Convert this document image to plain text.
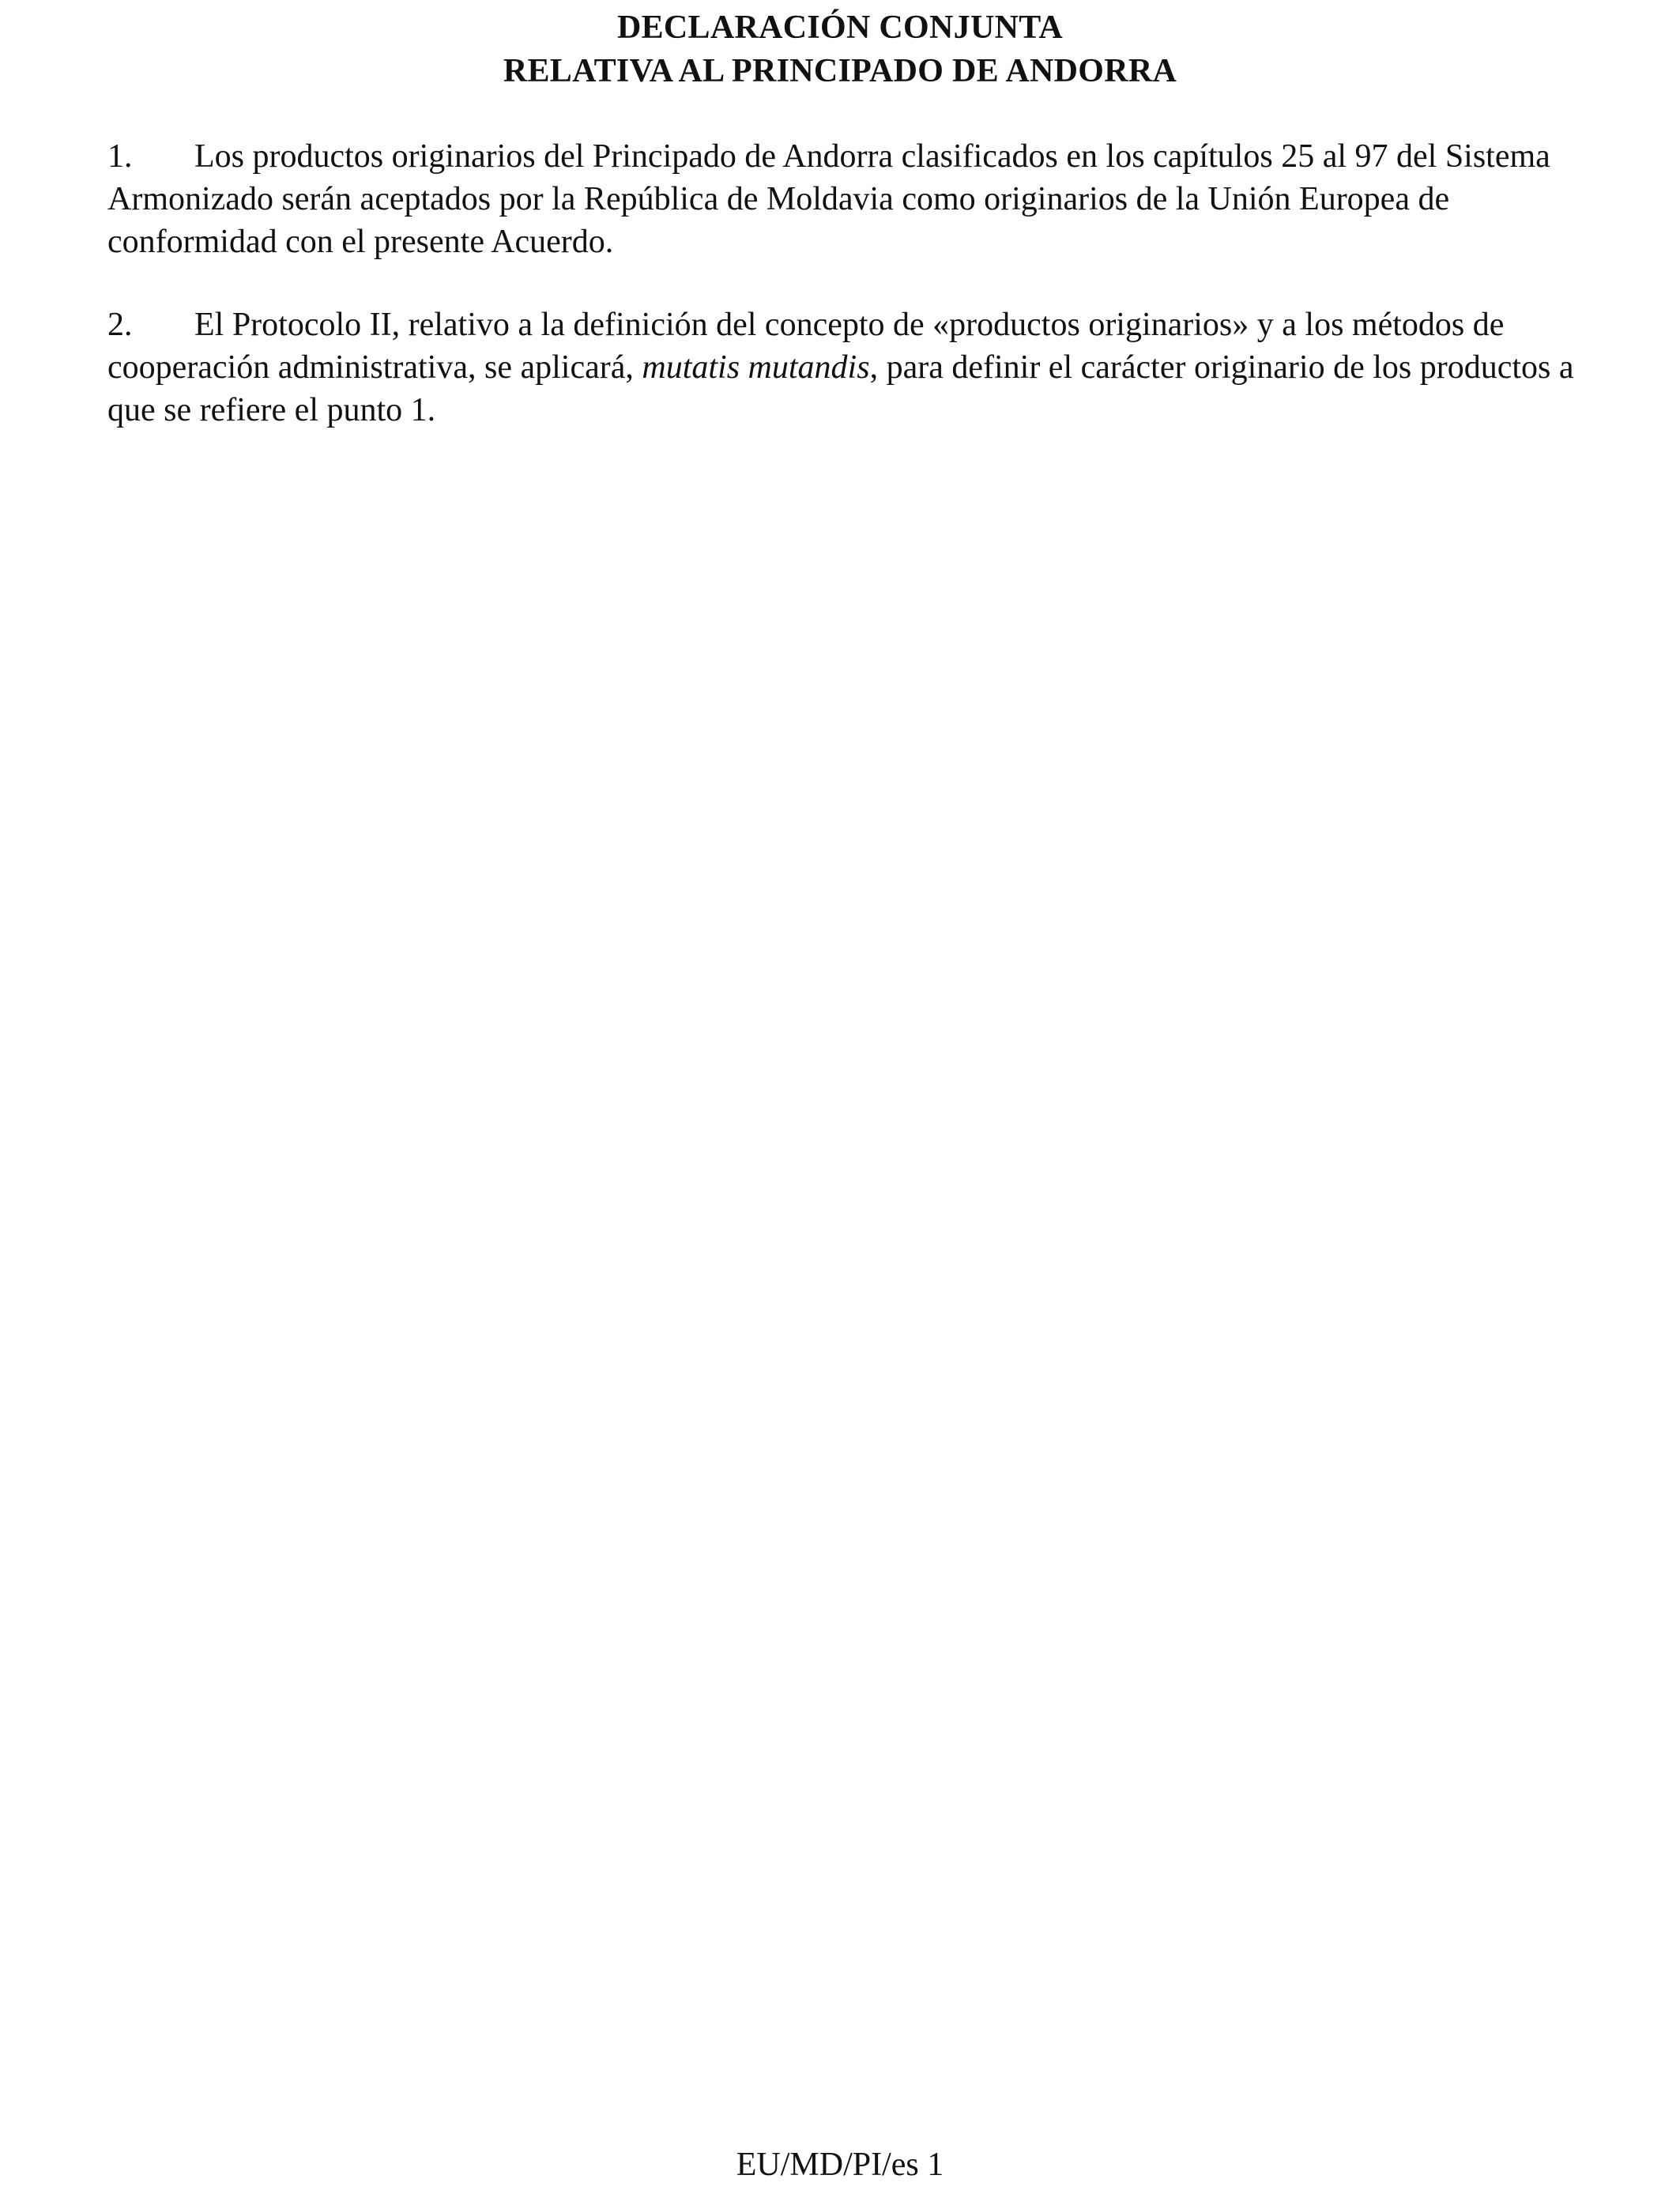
DECLARACIÓN CONJUNTA
RELATIVA AL PRINCIPADO DE ANDORRA

1. Los productos originarios del Principado de Andorra clasificados en los capítulos 25 al 97 del Sistema Armonizado serán aceptados por la República de Moldavia como originarios de la Unión Europea de conformidad con el presente Acuerdo.

2. El Protocolo II, relativo a la definición del concepto de «productos originarios» y a los métodos de cooperación administrativa, se aplicará, mutatis mutandis, para definir el carácter originario de los productos a que se refiere el punto 1.

EU/MD/PI/es 1
